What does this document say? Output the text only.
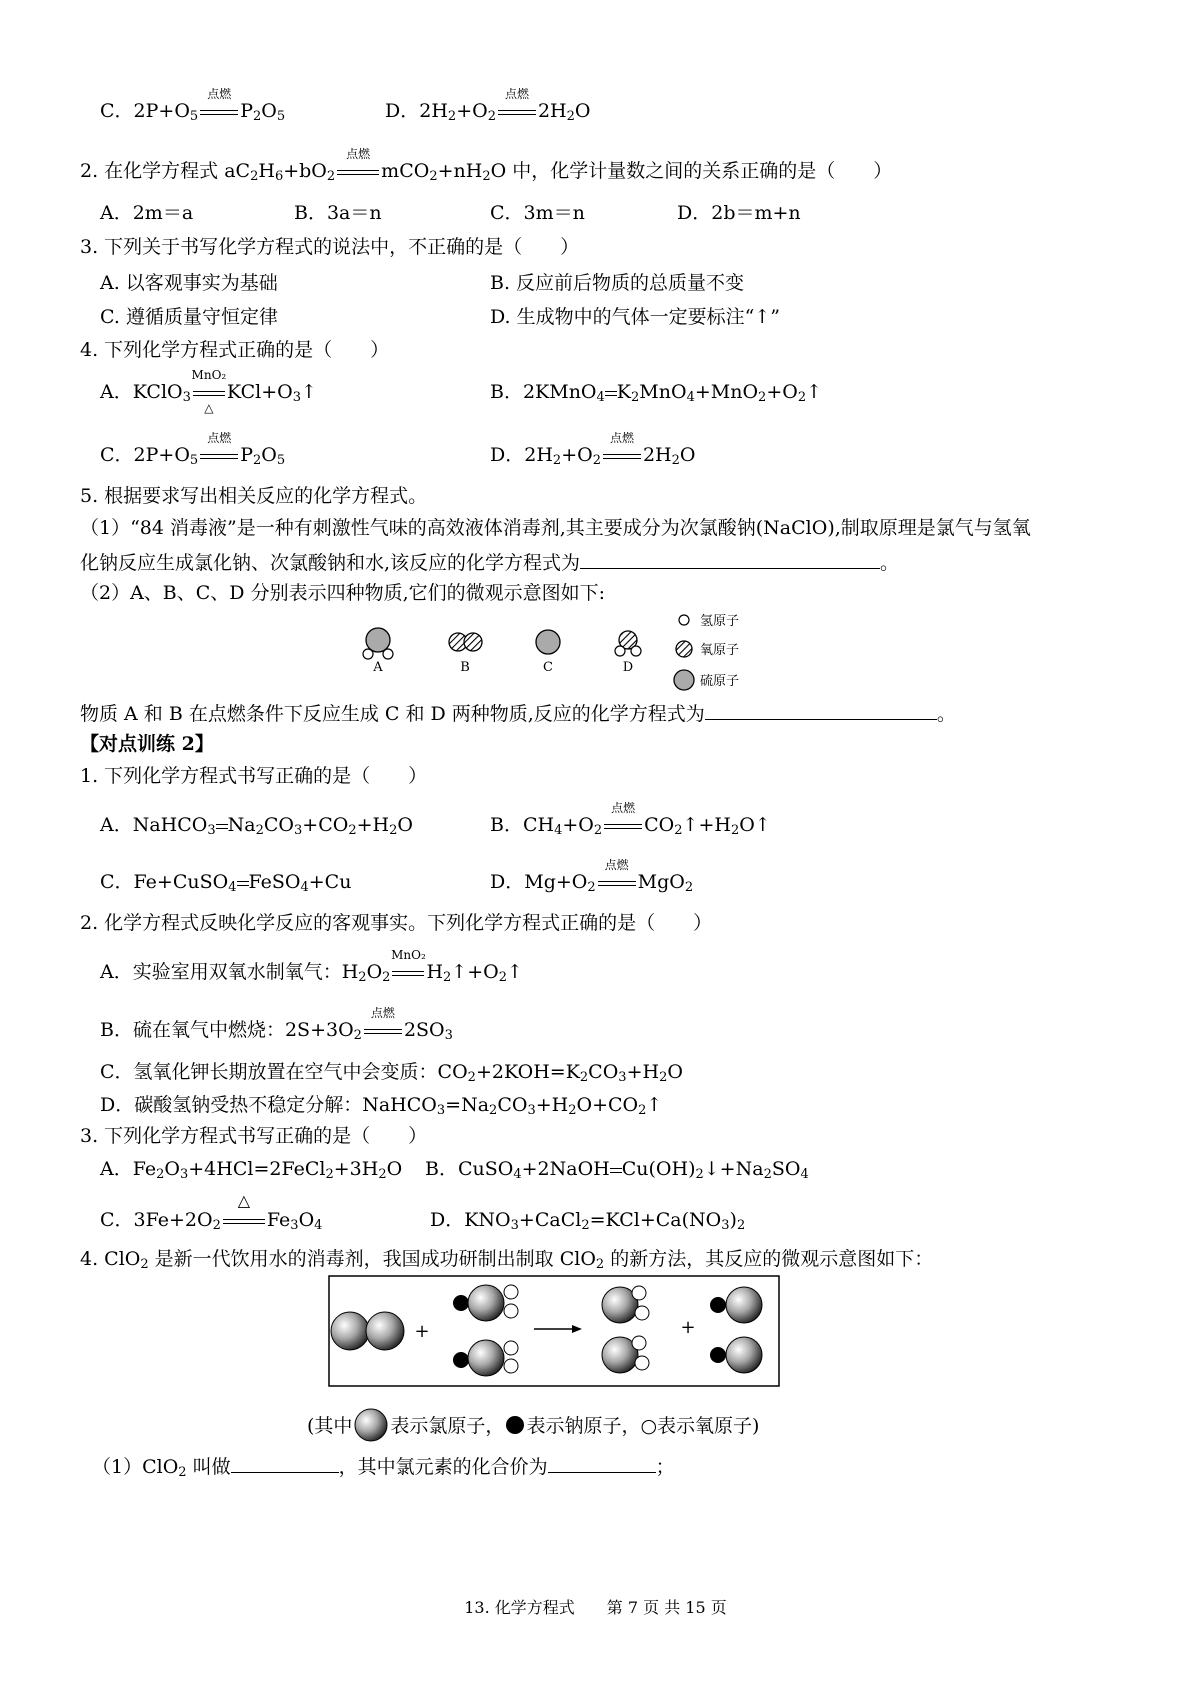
C．$2P+O_5$
点燃
$P_2O_5$	D．$2H_2+O_2$
点燃
$2H_2O$
2. 在化学方程式 $aC_2H_6+bO_2$
点燃
$mCO_2+nH_2O$ 中，化学计量数之间的关系正确的是（　　）
A．2m＝a	B．3a＝n	C．3m＝n	D．2b＝m+n
3. 下列关于书写化学方程式的说法中，不正确的是（　　）
A. 以客观事实为基础	B. 反应前后物质的总质量不变
C. 遵循质量守恒定律	D. 生成物中的气体一定要标注“↑”
4. 下列化学方程式正确的是（　　）
A．KClO$_3$
MnO₂
△
$KCl+O_3↑$	B．2KMnO$_4$ $K_2MnO_4+MnO_2+O_2↑$
C．$2P+O_5$
点燃
$P_2O_5$	D．$2H_2+O_2$
点燃
$2H_2O$
5. 根据要求写出相关反应的化学方程式。
（1）“84 消毒液”是一种有刺激性气味的高效液体消毒剂,其主要成分为次氯酸钠(NaClO),制取原理是氯气与氢氧
化钠反应生成氯化钠、次氯酸钠和水,该反应的化学方程式为	。
（2）A、B、C、D 分别表示四种物质,它们的微观示意图如下:
A	B	C	D
氢原子
氧原子
硫原子
物质 A 和 B 在点燃条件下反应生成 C 和 D 两种物质,反应的化学方程式为	。
【对点训练 2】
1. 下列化学方程式书写正确的是（　　）
A．NaHCO$_3$ $Na_2CO_3+CO_2+H_2O$	B．$CH_4+O_2$
点燃
$CO_2↑+H_2O↑$
C．Fe+CuSO$_4$ FeSO$_4$+Cu	D．$Mg+O_2$
点燃
MgO$_2$
2. 化学方程式反映化学反应的客观事实。下列化学方程式正确的是（　　）
A．实验室用双氧水制氧气：$H_2O_2$
MnO₂
$H_2↑+O_2↑$
B．硫在氧气中燃烧：$2S+3O_2$
点燃
$2SO_3$
C．氢氧化钾长期放置在空气中会变质：$CO_2+2KOH=K_2CO_3+H_2O$
D．碳酸氢钠受热不稳定分解：$NaHCO_3=Na_2CO_3+H_2O+CO_2↑$
3. 下列化学方程式书写正确的是（　　）
A．$Fe_2O_3+4HCl=2FeCl_2+3H_2O$ B．CuSO$_4$+2NaOH $Cu(OH)_2↓+Na_2SO_4$
C．$3Fe+2O_2$
△
$Fe_3O_4$	D．$KNO_3+CaCl_2=KCl+Ca(NO_3)_2$
4. ClO$_2$ 是新一代饮用水的消毒剂，我国成功研制出制取 ClO$_2$ 的新方法，其反应的微观示意图如下：
+	+
(其中 表示氯原子， 表示钠原子，○表示氧原子)
（1）ClO$_2$ 叫做	，其中氯元素的化合价为	；
13. 化学方程式　　第 7 页 共 15 页
